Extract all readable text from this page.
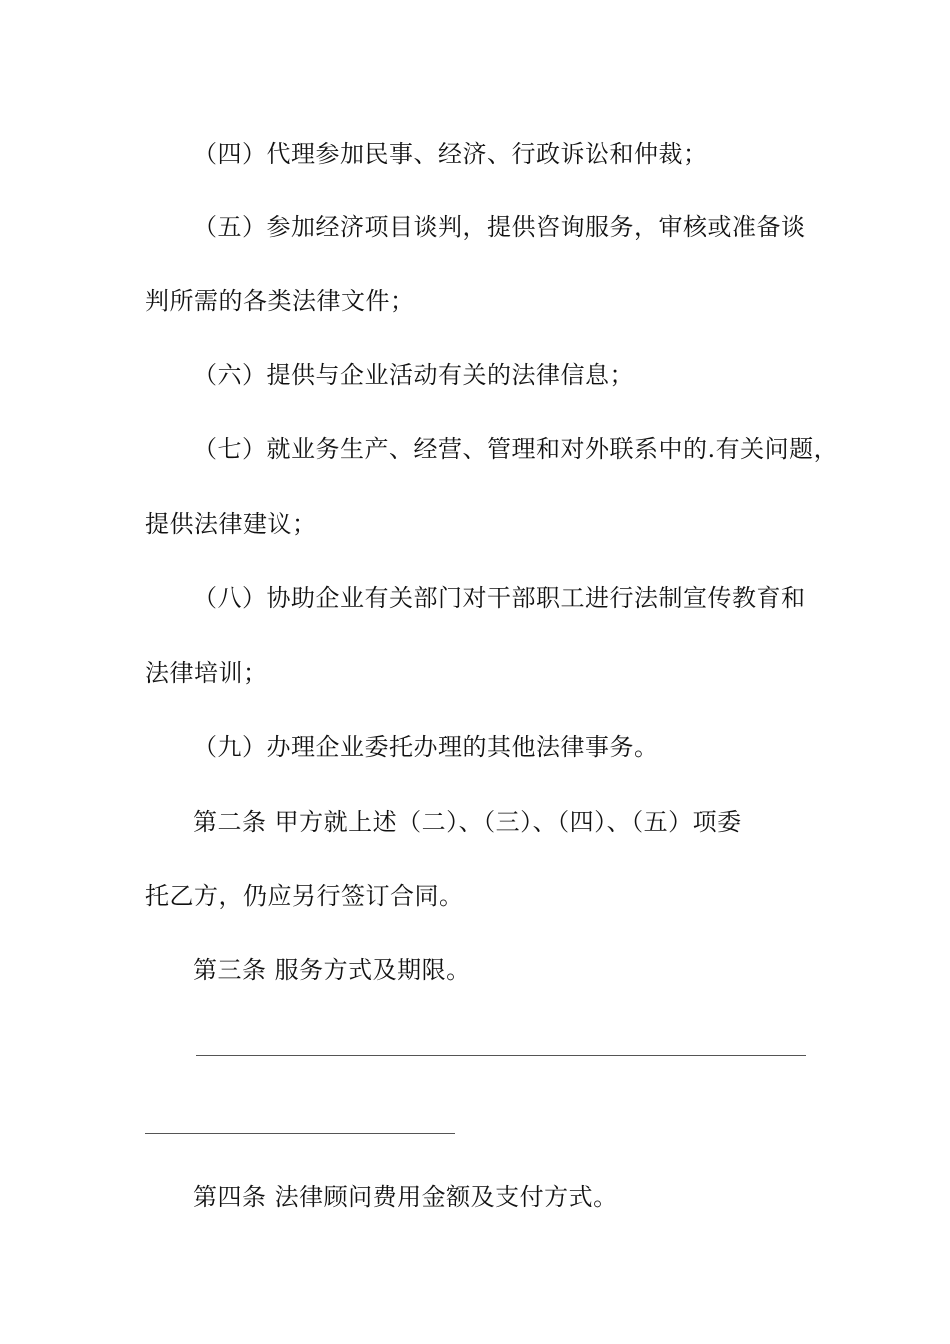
（四）代理参加民事、经济、行政诉讼和仲裁；
（五）参加经济项目谈判，提供咨询服务，审核或准备谈
判所需的各类法律文件；
（六）提供与企业活动有关的法律信息；
（七）就业务生产、经营、管理和对外联系中的.有关问题，
提供法律建议；
（八）协助企业有关部门对干部职工进行法制宣传教育和
法律培训；
（九）办理企业委托办理的其他法律事务。
第二条 甲方就上述（二）、（三）、（四）、（五）项委
托乙方，仍应另行签订合同。
第三条 服务方式及期限。
第四条 法律顾问费用金额及支付方式。
